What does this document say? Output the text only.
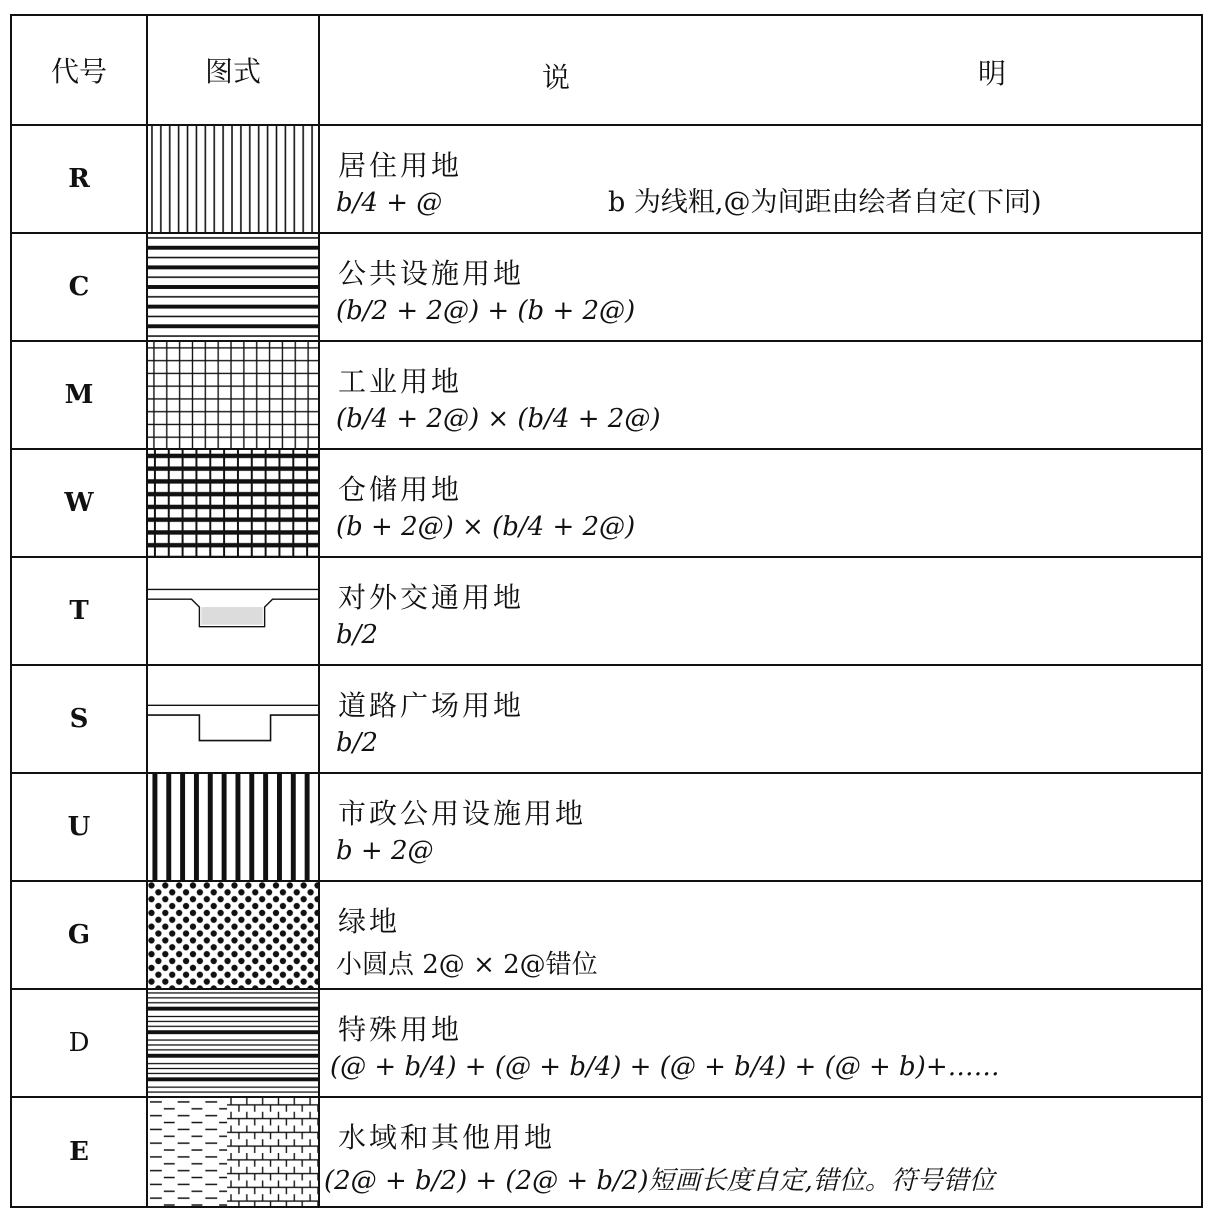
代号	图式	说	明
R	居住用地
b/4 + @	b 为线粗,@为间距由绘者自定(下同)
C	公共设施用地
(b/2 + 2@) + (b + 2@)
M	工业用地
(b/4 + 2@) × (b/4 + 2@)
W	仓储用地
(b + 2@) × (b/4 + 2@)
T	对外交通用地
b/2
S	道路广场用地
b/2
U	市政公用设施用地
b + 2@
G	绿地
小圆点 2@ × 2@错位
D	特殊用地
(@ + b/4) + (@ + b/4) + (@ + b/4) + (@ + b)+……
E	水域和其他用地
(2@ + b/2) + (2@ + b/2)短画长度自定,错位。符号错位
